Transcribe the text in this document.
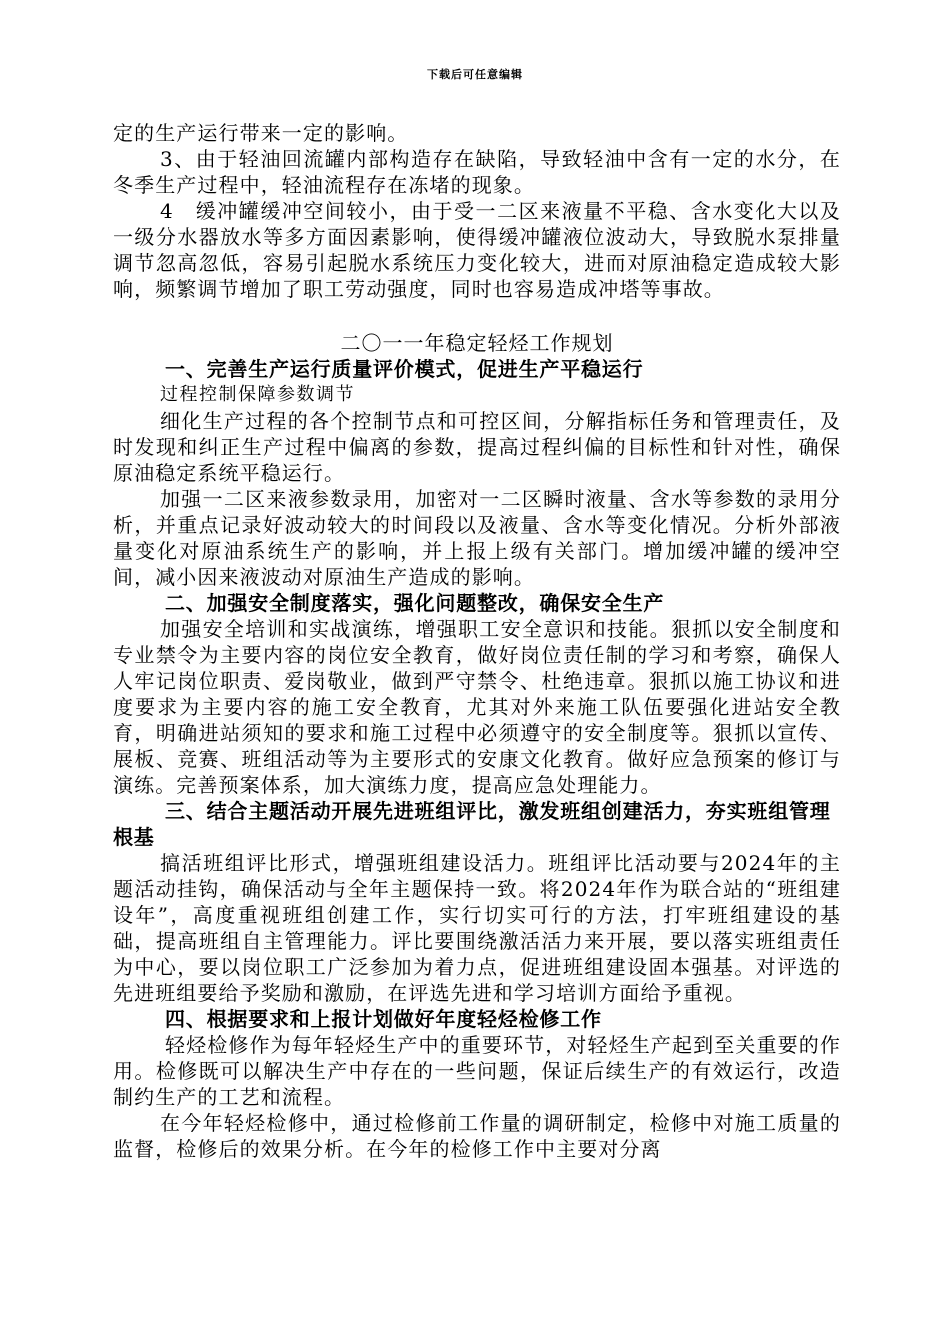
下载后可任意编辑
定的生产运行带来一定的影响。
3、由于轻油回流罐内部构造存在缺陷，导致轻油中含有一定的水分，在冬季生产过程中，轻油流程存在冻堵的现象。
4　缓冲罐缓冲空间较小，由于受一二区来液量不平稳、含水变化大以及一级分水器放水等多方面因素影响，使得缓冲罐液位波动大，导致脱水泵排量调节忽高忽低，容易引起脱水系统压力变化较大，进而对原油稳定造成较大影响，频繁调节增加了职工劳动强度，同时也容易造成冲塔等事故。
二〇一一年稳定轻烃工作规划
一、完善生产运行质量评价模式，促进生产平稳运行
过程控制保障参数调节
细化生产过程的各个控制节点和可控区间，分解指标任务和管理责任，及时发现和纠正生产过程中偏离的参数，提高过程纠偏的目标性和针对性，确保原油稳定系统平稳运行。
加强一二区来液参数录用，加密对一二区瞬时液量、含水等参数的录用分析，并重点记录好波动较大的时间段以及液量、含水等变化情况。分析外部液量变化对原油系统生产的影响，并上报上级有关部门。增加缓冲罐的缓冲空间，减小因来液波动对原油生产造成的影响。
二、加强安全制度落实，强化问题整改，确保安全生产
加强安全培训和实战演练，增强职工安全意识和技能。狠抓以安全制度和专业禁令为主要内容的岗位安全教育，做好岗位责任制的学习和考察，确保人人牢记岗位职责、爱岗敬业，做到严守禁令、杜绝违章。狠抓以施工协议和进度要求为主要内容的施工安全教育，尤其对外来施工队伍要强化进站安全教育，明确进站须知的要求和施工过程中必须遵守的安全制度等。狠抓以宣传、展板、竞赛、班组活动等为主要形式的安康文化教育。做好应急预案的修订与演练。完善预案体系，加大演练力度，提高应急处理能力。
三、结合主题活动开展先进班组评比，激发班组创建活力，夯实班组管理根基
搞活班组评比形式，增强班组建设活力。班组评比活动要与2024年的主题活动挂钩，确保活动与全年主题保持一致。将2024年作为联合站的“班组建设年”，高度重视班组创建工作，实行切实可行的方法，打牢班组建设的基础，提高班组自主管理能力。评比要围绕激活活力来开展，要以落实班组责任为中心，要以岗位职工广泛参加为着力点，促进班组建设固本强基。对评选的先进班组要给予奖励和激励，在评选先进和学习培训方面给予重视。
四、根据要求和上报计划做好年度轻烃检修工作
轻烃检修作为每年轻烃生产中的重要环节，对轻烃生产起到至关重要的作用。检修既可以解决生产中存在的一些问题，保证后续生产的有效运行，改造制约生产的工艺和流程。
在今年轻烃检修中，通过检修前工作量的调研制定，检修中对施工质量的监督，检修后的效果分析。在今年的检修工作中主要对分离
